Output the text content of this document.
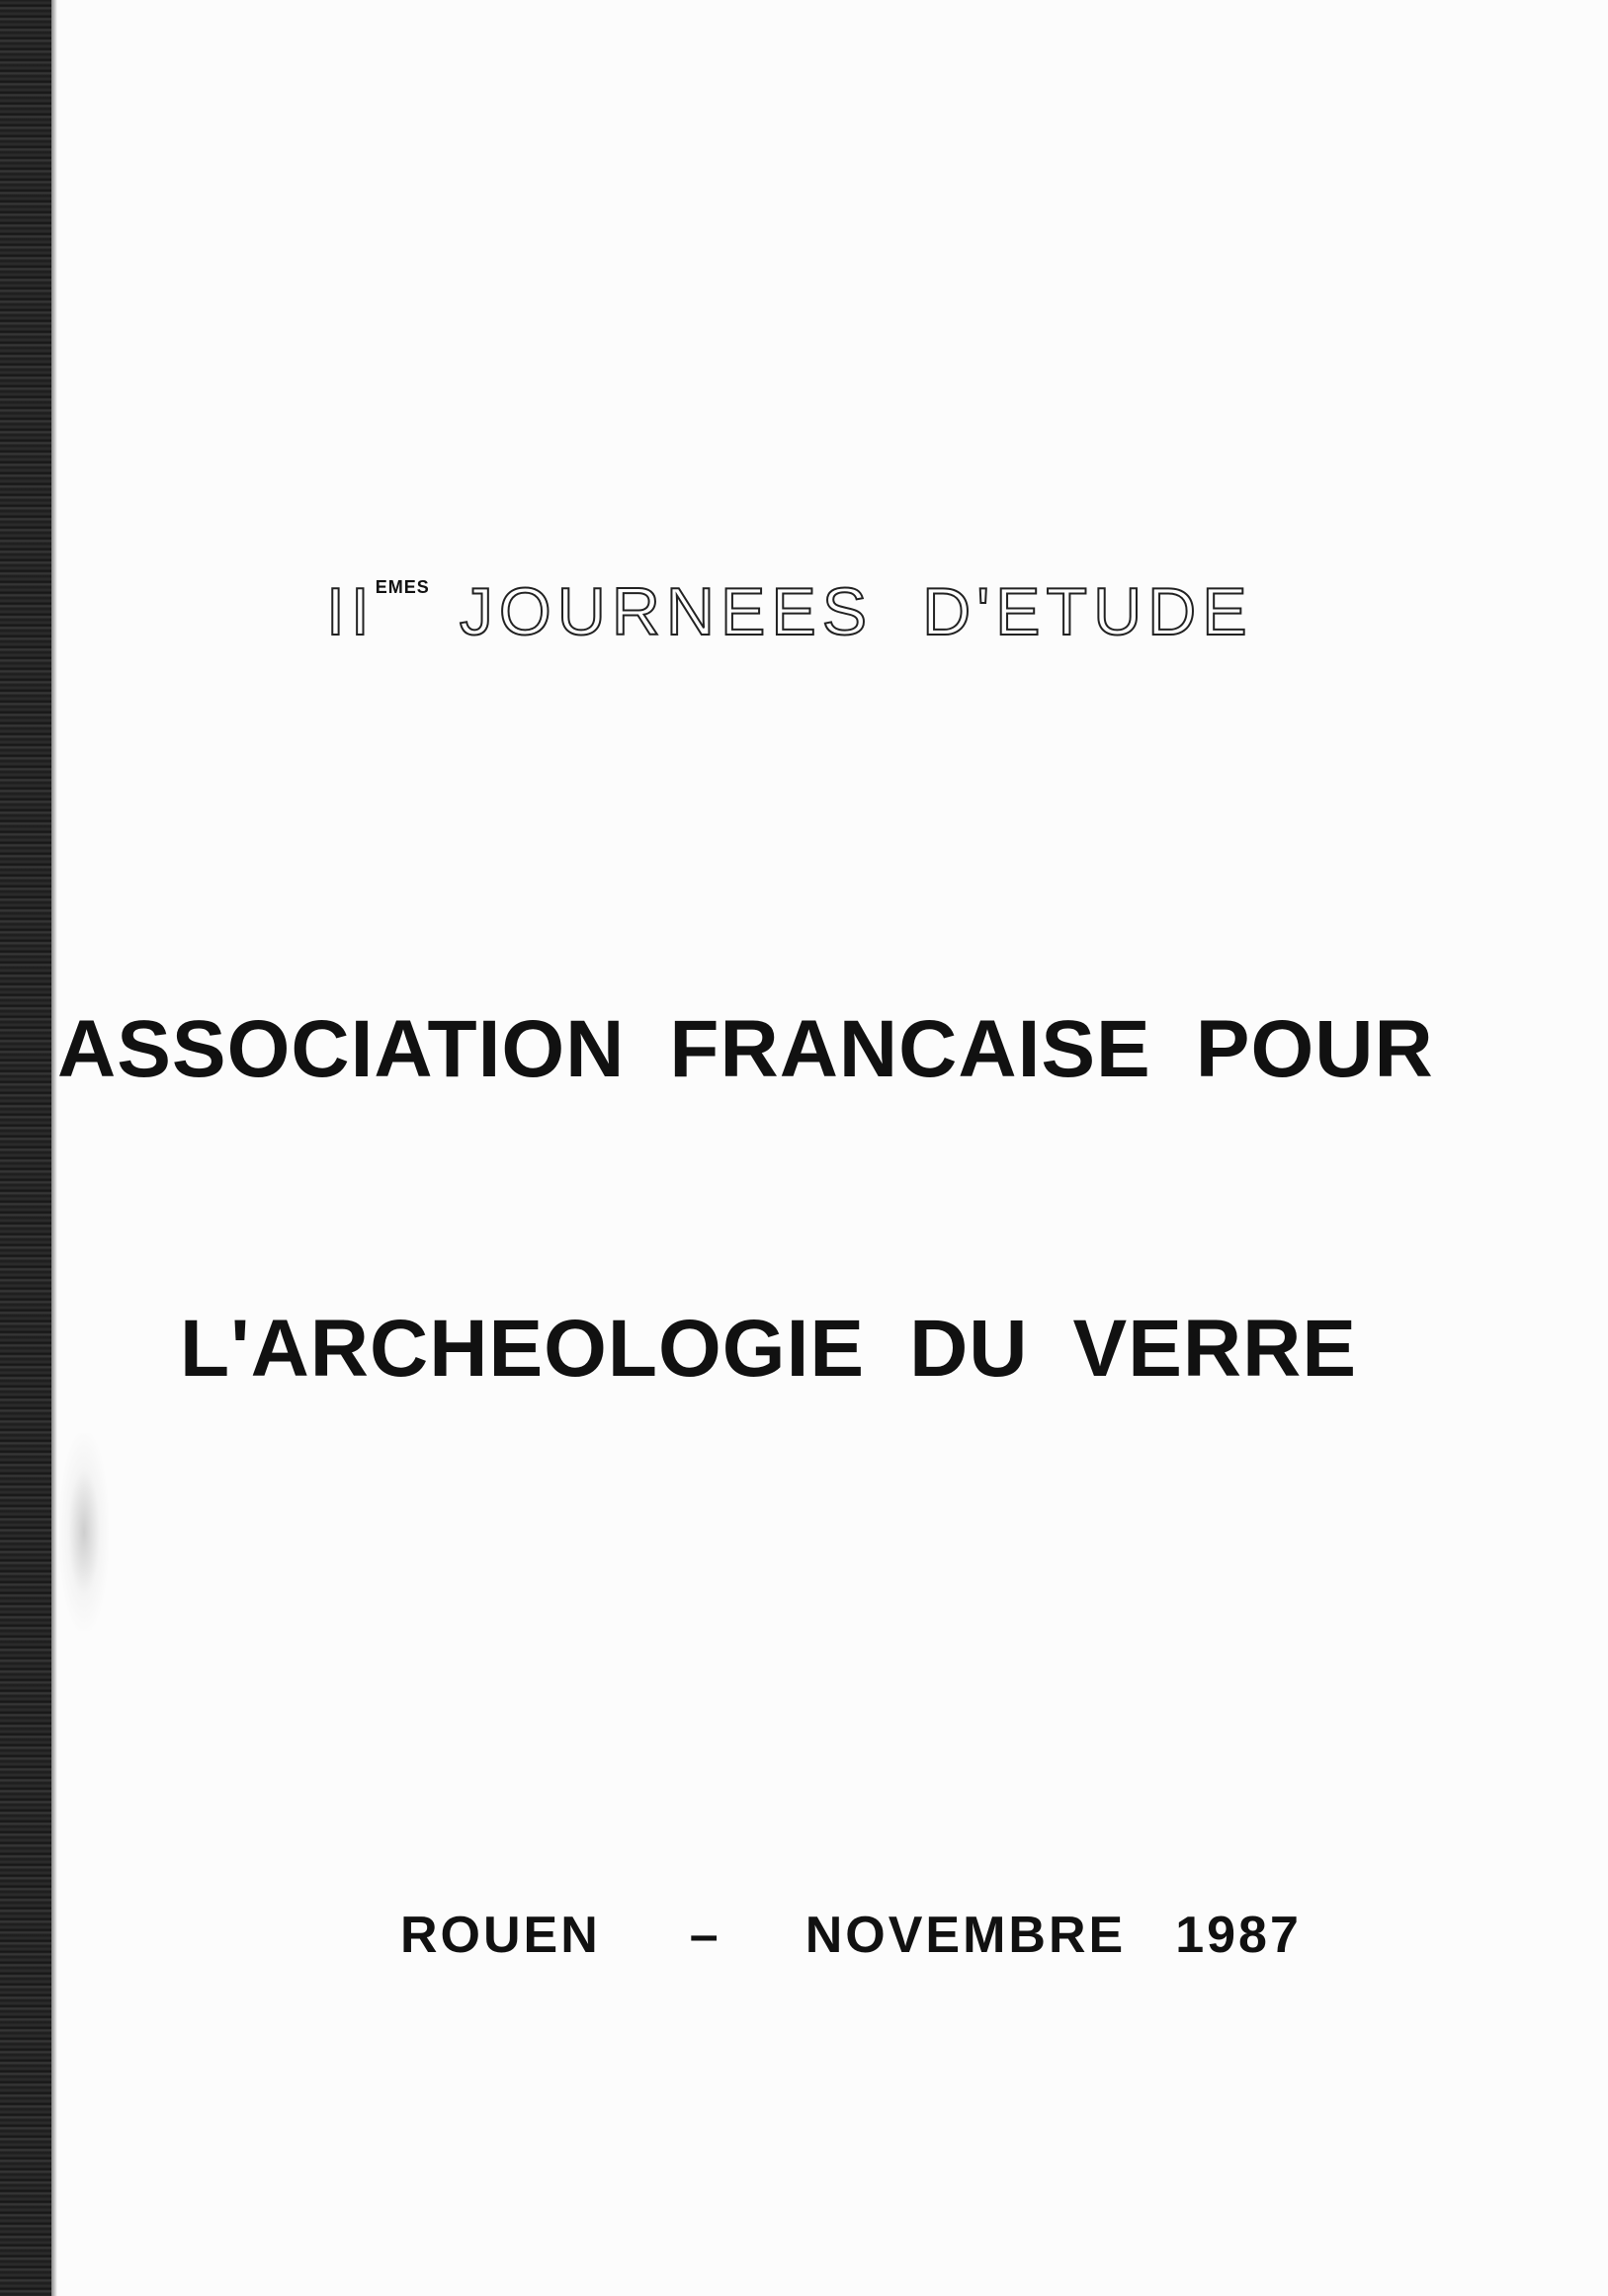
IIEMES JOURNEES D'ETUDE
ASSOCIATION FRANCAISE POUR
L'ARCHEOLOGIE DU VERRE
ROUEN – NOVEMBRE 1987
